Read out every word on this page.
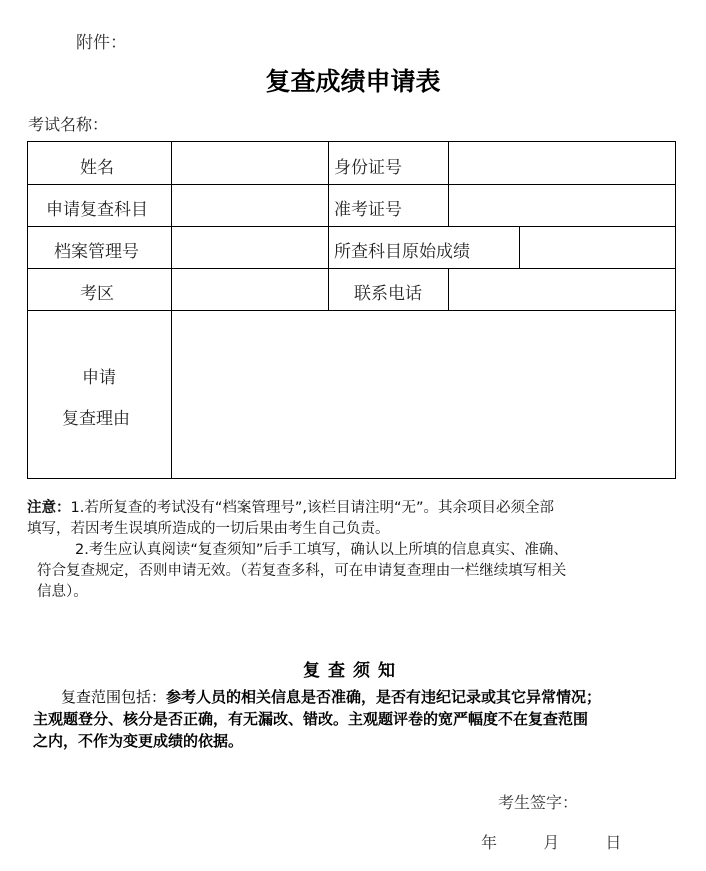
附件：
复查成绩申请表
考试名称：
姓名	身份证号
申请复查科目	准考证号
档案管理号	所查科目原始成绩
考区	联系电话
申请
复查理由

注意：1.若所复查的考试没有“档案管理号”,该栏目请注明“无”。其余项目必须全部

填写，若因考生误填所造成的一切后果由考生自己负责。

2.考生应认真阅读“复查须知”后手工填写，确认以上所填的信息真实、准确、

符合复查规定，否则申请无效。（若复查多科，可在申请复查理由一栏继续填写相关

信息）。

复查须知

复查范围包括：参考人员的相关信息是否准确，是否有违纪记录或其它异常情况；

主观题登分、核分是否正确，有无漏改、错改。主观题评卷的宽严幅度不在复查范围

之内，不作为变更成绩的依据。

考生签字：
年	月	日
